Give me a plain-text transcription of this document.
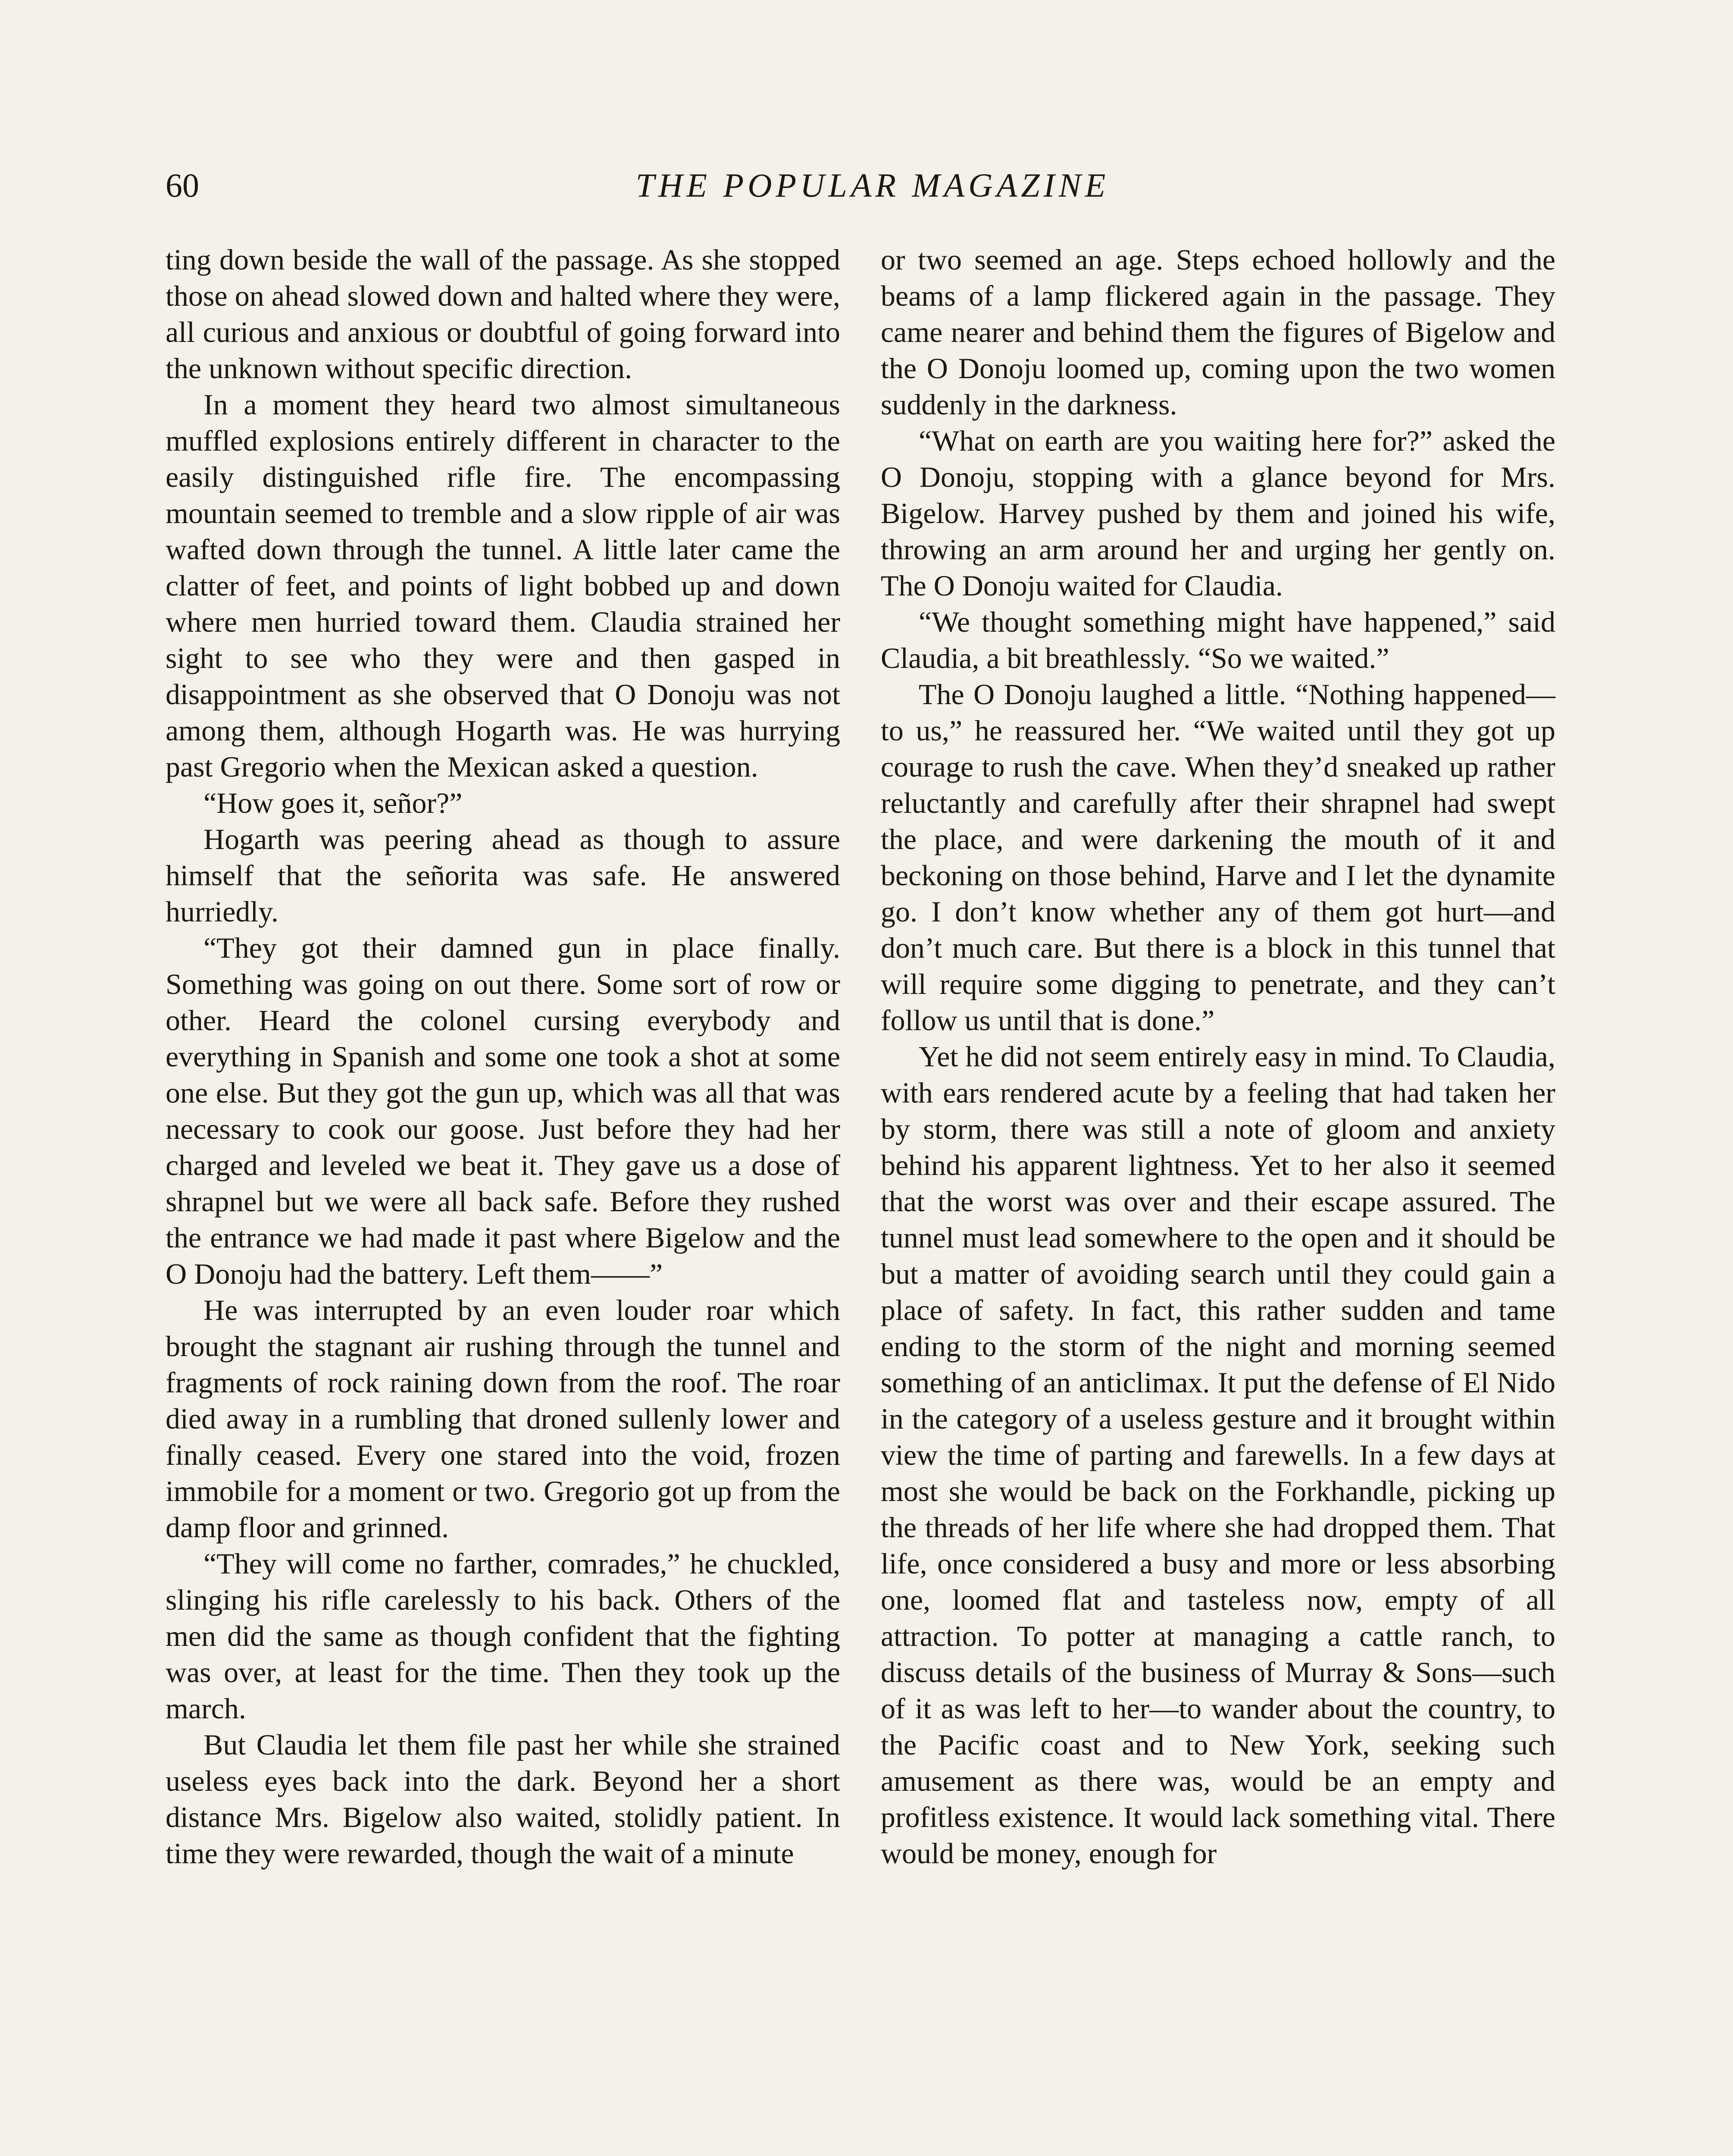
60	THE POPULAR MAGAZINE

ting down beside the wall of the passage. As she stopped those on ahead slowed down and halted where they were, all curious and anxious or doubtful of going forward into the unknown without specific direction.

In a moment they heard two almost simultaneous muffled explosions entirely different in character to the easily distinguished rifle fire. The encompassing mountain seemed to tremble and a slow ripple of air was wafted down through the tunnel. A little later came the clatter of feet, and points of light bobbed up and down where men hurried toward them. Claudia strained her sight to see who they were and then gasped in disappointment as she observed that O Donoju was not among them, although Hogarth was. He was hurrying past Gregorio when the Mexican asked a question.

“How goes it, señor?”

Hogarth was peering ahead as though to assure himself that the señorita was safe. He answered hurriedly.

“They got their damned gun in place finally. Something was going on out there. Some sort of row or other. Heard the colonel cursing everybody and everything in Spanish and some one took a shot at some one else. But they got the gun up, which was all that was necessary to cook our goose. Just before they had her charged and leveled we beat it. They gave us a dose of shrapnel but we were all back safe. Before they rushed the entrance we had made it past where Bigelow and the O Donoju had the battery. Left them——”

He was interrupted by an even louder roar which brought the stagnant air rushing through the tunnel and fragments of rock raining down from the roof. The roar died away in a rumbling that droned sullenly lower and finally ceased. Every one stared into the void, frozen immobile for a moment or two. Gregorio got up from the damp floor and grinned.

“They will come no farther, comrades,” he chuckled, slinging his rifle carelessly to his back. Others of the men did the same as though confident that the fighting was over, at least for the time. Then they took up the march.

But Claudia let them file past her while she strained useless eyes back into the dark. Beyond her a short distance Mrs. Bigelow also waited, stolidly patient. In time they were rewarded, though the wait of a minute

or two seemed an age. Steps echoed hollowly and the beams of a lamp flickered again in the passage. They came nearer and behind them the figures of Bigelow and the O Donoju loomed up, coming upon the two women suddenly in the darkness.

“What on earth are you waiting here for?” asked the O Donoju, stopping with a glance beyond for Mrs. Bigelow. Harvey pushed by them and joined his wife, throwing an arm around her and urging her gently on. The O Donoju waited for Claudia.

“We thought something might have happened,” said Claudia, a bit breathlessly. “So we waited.”

The O Donoju laughed a little. “Nothing happened—to us,” he reassured her. “We waited until they got up courage to rush the cave. When they’d sneaked up rather reluctantly and carefully after their shrapnel had swept the place, and were darkening the mouth of it and beckoning on those behind, Harve and I let the dynamite go. I don’t know whether any of them got hurt—and don’t much care. But there is a block in this tunnel that will require some digging to penetrate, and they can’t follow us until that is done.”

Yet he did not seem entirely easy in mind. To Claudia, with ears rendered acute by a feeling that had taken her by storm, there was still a note of gloom and anxiety behind his apparent lightness. Yet to her also it seemed that the worst was over and their escape assured. The tunnel must lead somewhere to the open and it should be but a matter of avoiding search until they could gain a place of safety. In fact, this rather sudden and tame ending to the storm of the night and morning seemed something of an anticlimax. It put the defense of El Nido in the category of a useless gesture and it brought within view the time of parting and farewells. In a few days at most she would be back on the Forkhandle, picking up the threads of her life where she had dropped them. That life, once considered a busy and more or less absorbing one, loomed flat and tasteless now, empty of all attraction. To potter at managing a cattle ranch, to discuss details of the business of Murray & Sons—such of it as was left to her—to wander about the country, to the Pacific coast and to New York, seeking such amusement as there was, would be an empty and profitless existence. It would lack something vital. There would be money, enough for
